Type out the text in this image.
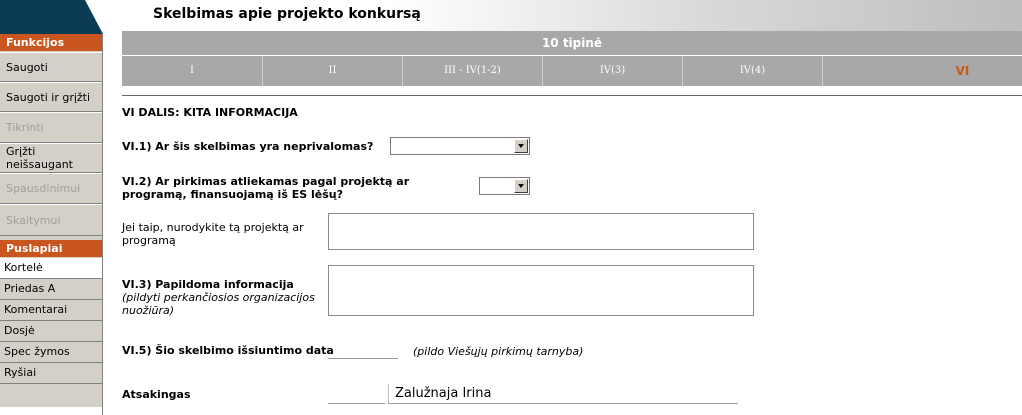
Funkcijos
Saugoti
Saugoti ir grįžti
Tikrinti
Grįžti neišsaugant
Spausdinimui
Skaitymui
Puslapiai
Kortelė
Priedas A
Komentarai
Dosjė
Spec žymos
Ryšiai
Skelbimas apie projekto konkursą
10 tipinė
I	II	III - IV(1-2)	IV(3)	IV(4)	VI
VI DALIS: KITA INFORMACIJA
VI.1) Ar šis skelbimas yra neprivalomas?
VI.2) Ar pirkimas atliekamas pagal projektą ar programą, finansuojamą iš ES lėšų?
Jei taip, nurodykite tą projektą ar programą
VI.3) Papildoma informacija (pildyti perkančiosios organizacijos nuožiūra)
VI.5) Šio skelbimo išsiuntimo data	(pildo Viešųjų pirkimų tarnyba)
Atsakingas	Zalužnaja Irina
